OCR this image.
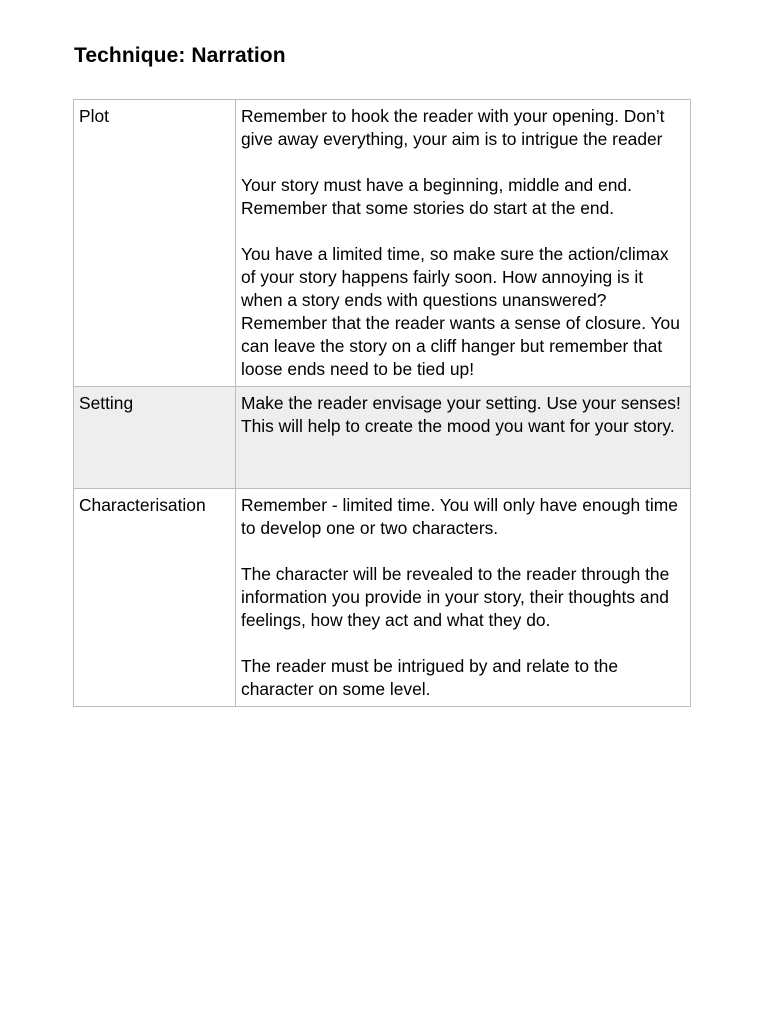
Technique: Narration
Plot	Remember to hook the reader with your opening. Don’t give away everything, your aim is to intrigue the reader

Your story must have a beginning, middle and end. Remember that some stories do start at the end.

You have a limited time, so make sure the action/climax of your story happens fairly soon. How annoying is it when a story ends with questions unanswered? Remember that the reader wants a sense of closure. You can leave the story on a cliff hanger but remember that loose ends need to be tied up!

Setting	Make the reader envisage your setting. Use your senses! This will help to create the mood you want for your story.

Characterisation	Remember - limited time. You will only have enough time to develop one or two characters.

The character will be revealed to the reader through the information you provide in your story, their thoughts and feelings, how they act and what they do.

The reader must be intrigued by and relate to the character on some level.
